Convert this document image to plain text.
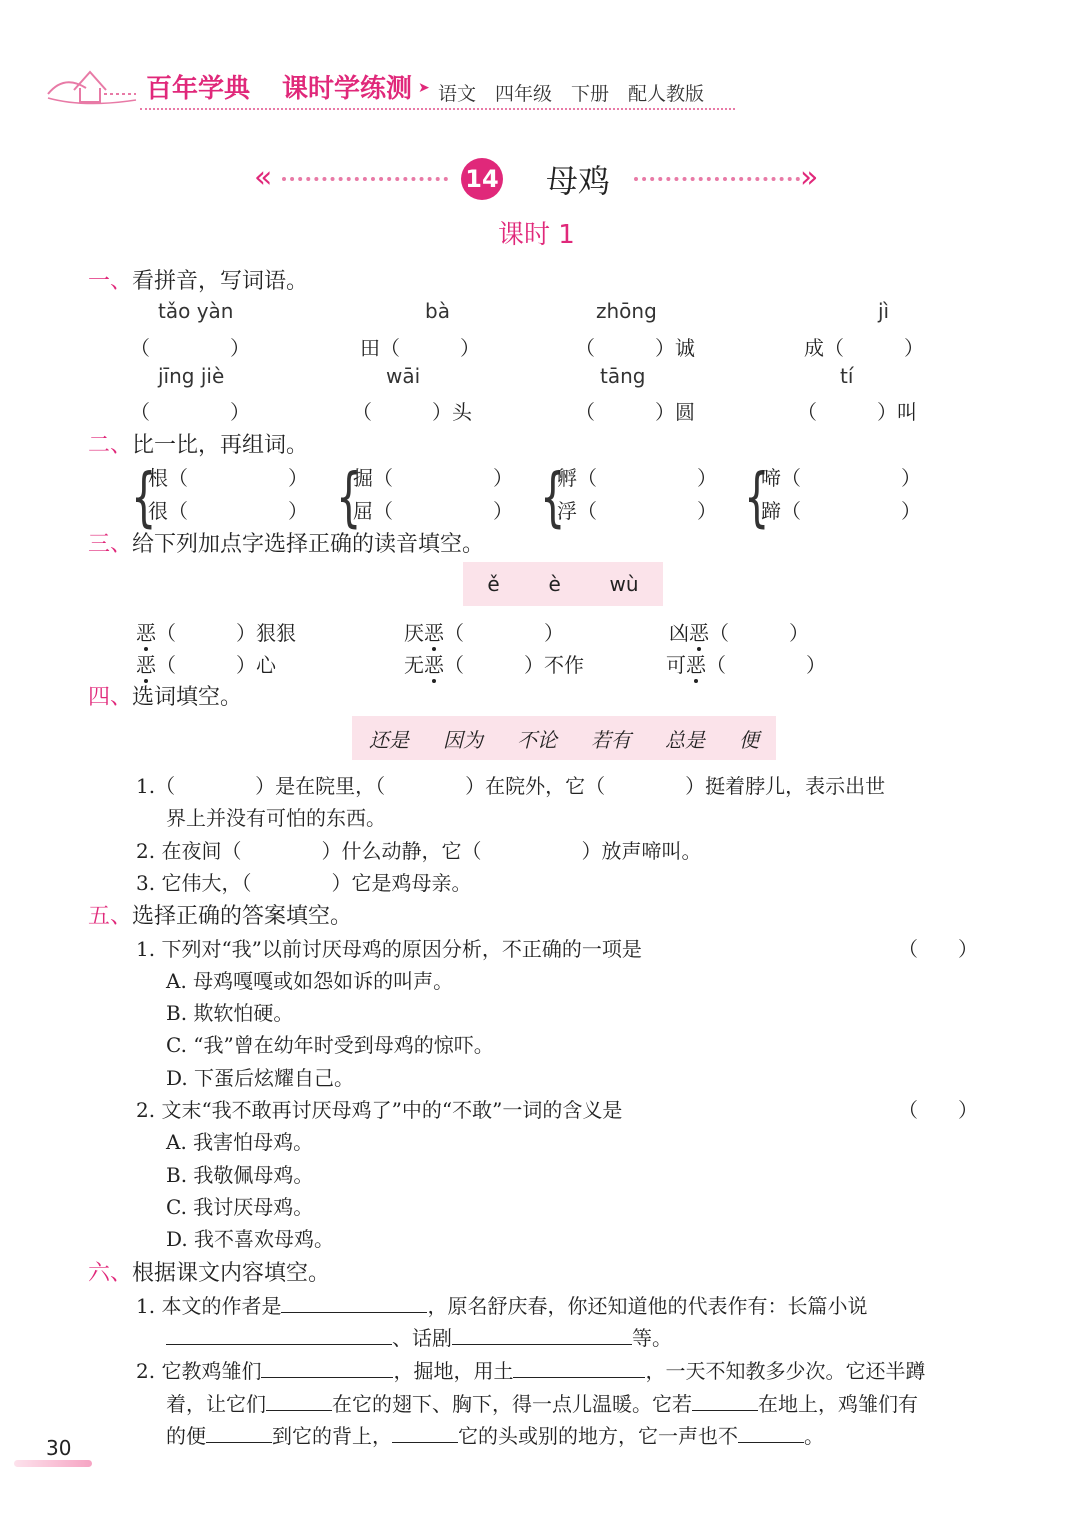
百年学典 课时学练测 ➤ 语文　四年级　下册　配人教版
«	14 母鸡	»
课时 1
一、看拼音，写词语。
tǎo yàn	bà	zhōng	jì
（　　　　）	田（　　　）	（　　　）诚	成（　　　）
jīng jiè	wāi	tāng	tí
（　　　　）	（　　　）头	（　　　）圆	（　　　）叫
二、比一比，再组词。
{
根（　　　　　）
很（　　　　　） {
掘（　　　　　）
屈（　　　　　） {
孵（　　　　　）
浮（　　　　　） {
啼（　　　　　）
蹄（　　　　　）
三、给下列加点字选择正确的读音填空。
ě è wù
恶（　　　）狠狠	厌恶（　　　　）	凶恶（　　　）
恶（　　　）心	无恶（　　　）不作	可恶（　　　　）
四、选词填空。
还是 因为 不论 若有 总是 便
1.（　　　　）是在院里，（　　　　）在院外，它（　　　　）挺着脖儿，表示出世
界上并没有可怕的东西。
2. 在夜间（　　　　）什么动静，它（　　　　　）放声啼叫。
3. 它伟大，（　　　　）它是鸡母亲。
五、选择正确的答案填空。
1. 下列对“我”以前讨厌母鸡的原因分析，不正确的一项是	（　　）
A. 母鸡嘎嘎或如怨如诉的叫声。
B. 欺软怕硬。
C. “我”曾在幼年时受到母鸡的惊吓。
D. 下蛋后炫耀自己。
2. 文末“我不敢再讨厌母鸡了”中的“不敢”一词的含义是	（　　）
A. 我害怕母鸡。
B. 我敬佩母鸡。
C. 我讨厌母鸡。
D. 我不喜欢母鸡。
六、根据课文内容填空。
1. 本文的作者是	，原名舒庆春，你还知道他的代表作有：长篇小说
、话剧	等。
2. 它教鸡雏们	，掘地，用土	，一天不知教多少次。它还半蹲
着，让它们	在它的翅下、胸下，得一点儿温暖。它若	在地上，鸡雏们有
的便	到它的背上，	它的头或别的地方，它一声也不	。
30
